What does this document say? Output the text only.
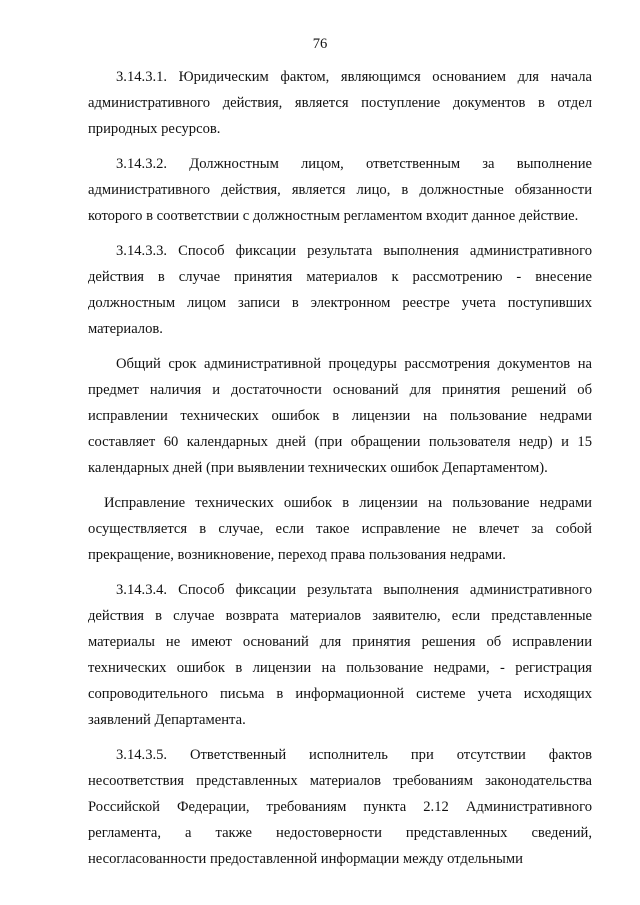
76

3.14.3.1. Юридическим фактом, являющимся основанием для начала административного действия, является поступление документов в отдел природных ресурсов.

3.14.3.2. Должностным лицом, ответственным за выполнение административного действия, является лицо, в должностные обязанности которого в соответствии с должностным регламентом входит данное действие.

3.14.3.3. Способ фиксации результата выполнения административного действия в случае принятия материалов к рассмотрению - внесение должностным лицом записи в электронном реестре учета поступивших материалов.

Общий срок административной процедуры рассмотрения документов на предмет наличия и достаточности оснований для принятия решений об исправлении технических ошибок в лицензии на пользование недрами составляет 60 календарных дней (при обращении пользователя недр) и 15 календарных дней (при выявлении технических ошибок Департаментом).

Исправление технических ошибок в лицензии на пользование недрами осуществляется в случае, если такое исправление не влечет за собой прекращение, возникновение, переход права пользования недрами.

3.14.3.4. Способ фиксации результата выполнения административного действия в случае возврата материалов заявителю, если представленные материалы не имеют оснований для принятия решения об исправлении технических ошибок в лицензии на пользование недрами, - регистрация сопроводительного письма в информационной системе учета исходящих заявлений Департамента.

3.14.3.5. Ответственный исполнитель при отсутствии фактов несоответствия представленных материалов требованиям законодательства Российской Федерации, требованиям пункта 2.12 Административного регламента, а также недостоверности представленных сведений, несогласованности предоставленной информации между отдельными
